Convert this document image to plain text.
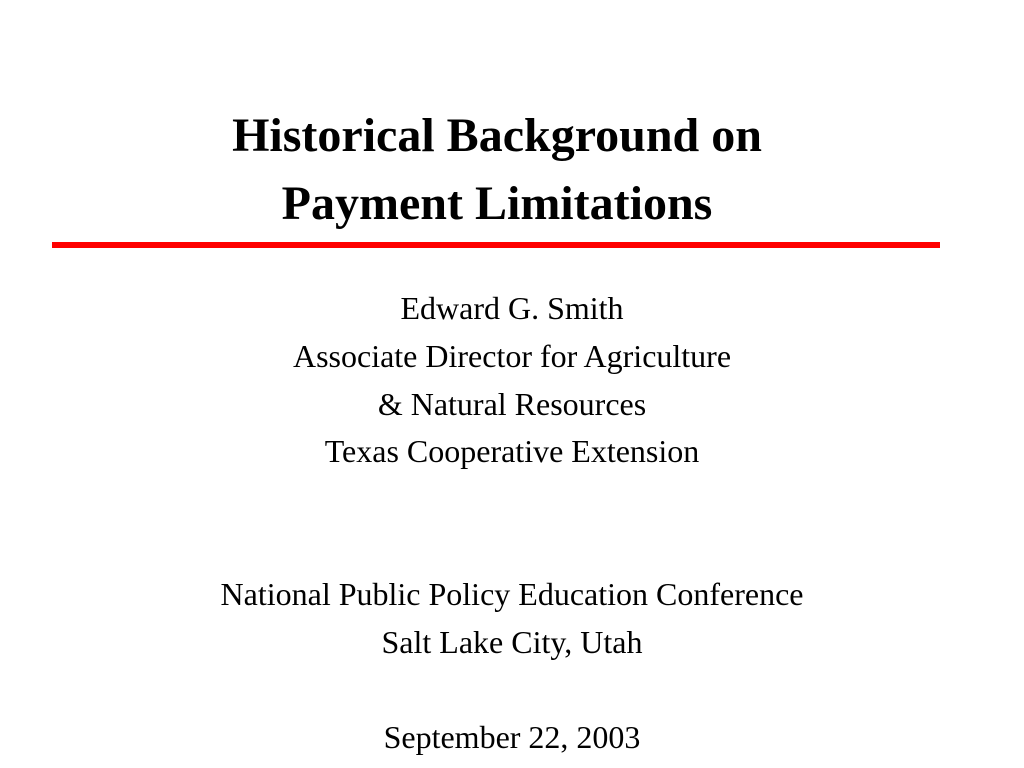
Historical Background on
Payment Limitations
Edward G. Smith
Associate Director for Agriculture
& Natural Resources
Texas Cooperative Extension
National Public Policy Education Conference
Salt Lake City, Utah
September 22, 2003
